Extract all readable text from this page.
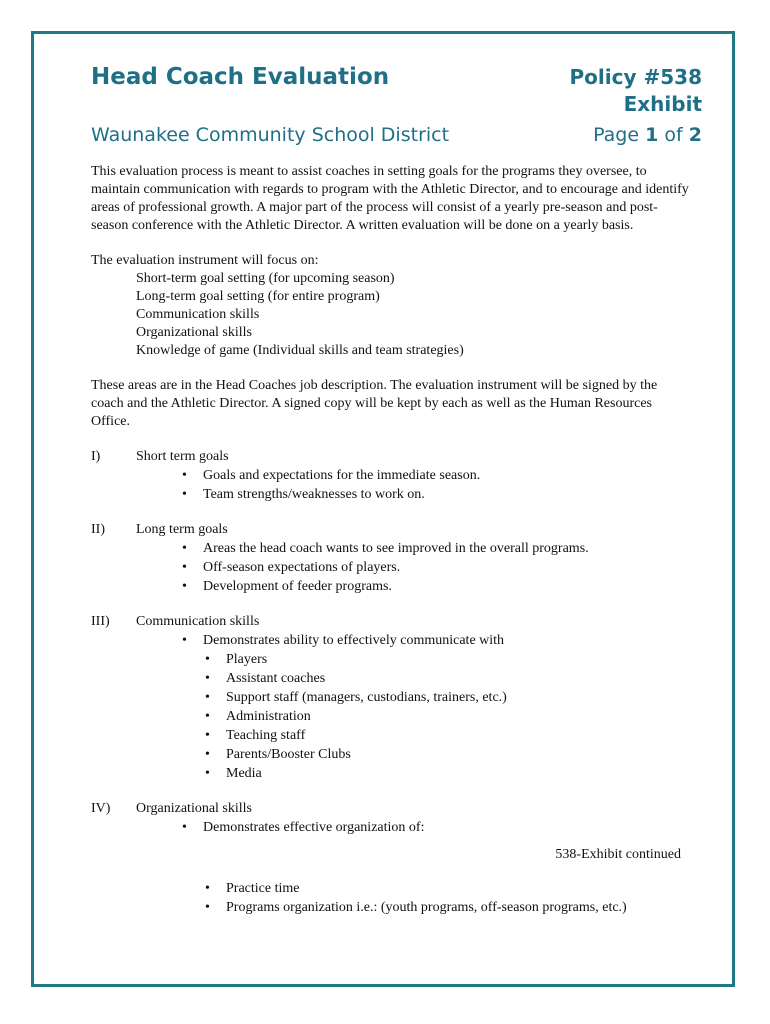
Head Coach Evaluation	Policy #538
Exhibit
Waunakee Community School District	Page 1 of 2

This evaluation process is meant to assist coaches in setting goals for the programs they oversee, to maintain communication with regards to program with the Athletic Director, and to encourage and identify areas of professional growth. A major part of the process will consist of a yearly pre-season and post-season conference with the Athletic Director. A written evaluation will be done on a yearly basis.

The evaluation instrument will focus on:

Short-term goal setting (for upcoming season)
Long-term goal setting (for entire program)
Communication skills
Organizational skills
Knowledge of game (Individual skills and team strategies)

These areas are in the Head Coaches job description. The evaluation instrument will be signed by the coach and the Athletic Director. A signed copy will be kept by each as well as the Human Resources Office.

I)	Short term goals
• Goals and expectations for the immediate season.
• Team strengths/weaknesses to work on.
II)	Long term goals
• Areas the head coach wants to see improved in the overall programs.
• Off-season expectations of players.
• Development of feeder programs.
III)	Communication skills
• Demonstrates ability to effectively communicate with
• Players
• Assistant coaches
• Support staff (managers, custodians, trainers, etc.)
• Administration
• Teaching staff
• Parents/Booster Clubs
• Media
IV)	Organizational skills
• Demonstrates effective organization of:
538-Exhibit continued
• Practice time
• Programs organization i.e.: (youth programs, off-season programs, etc.)
